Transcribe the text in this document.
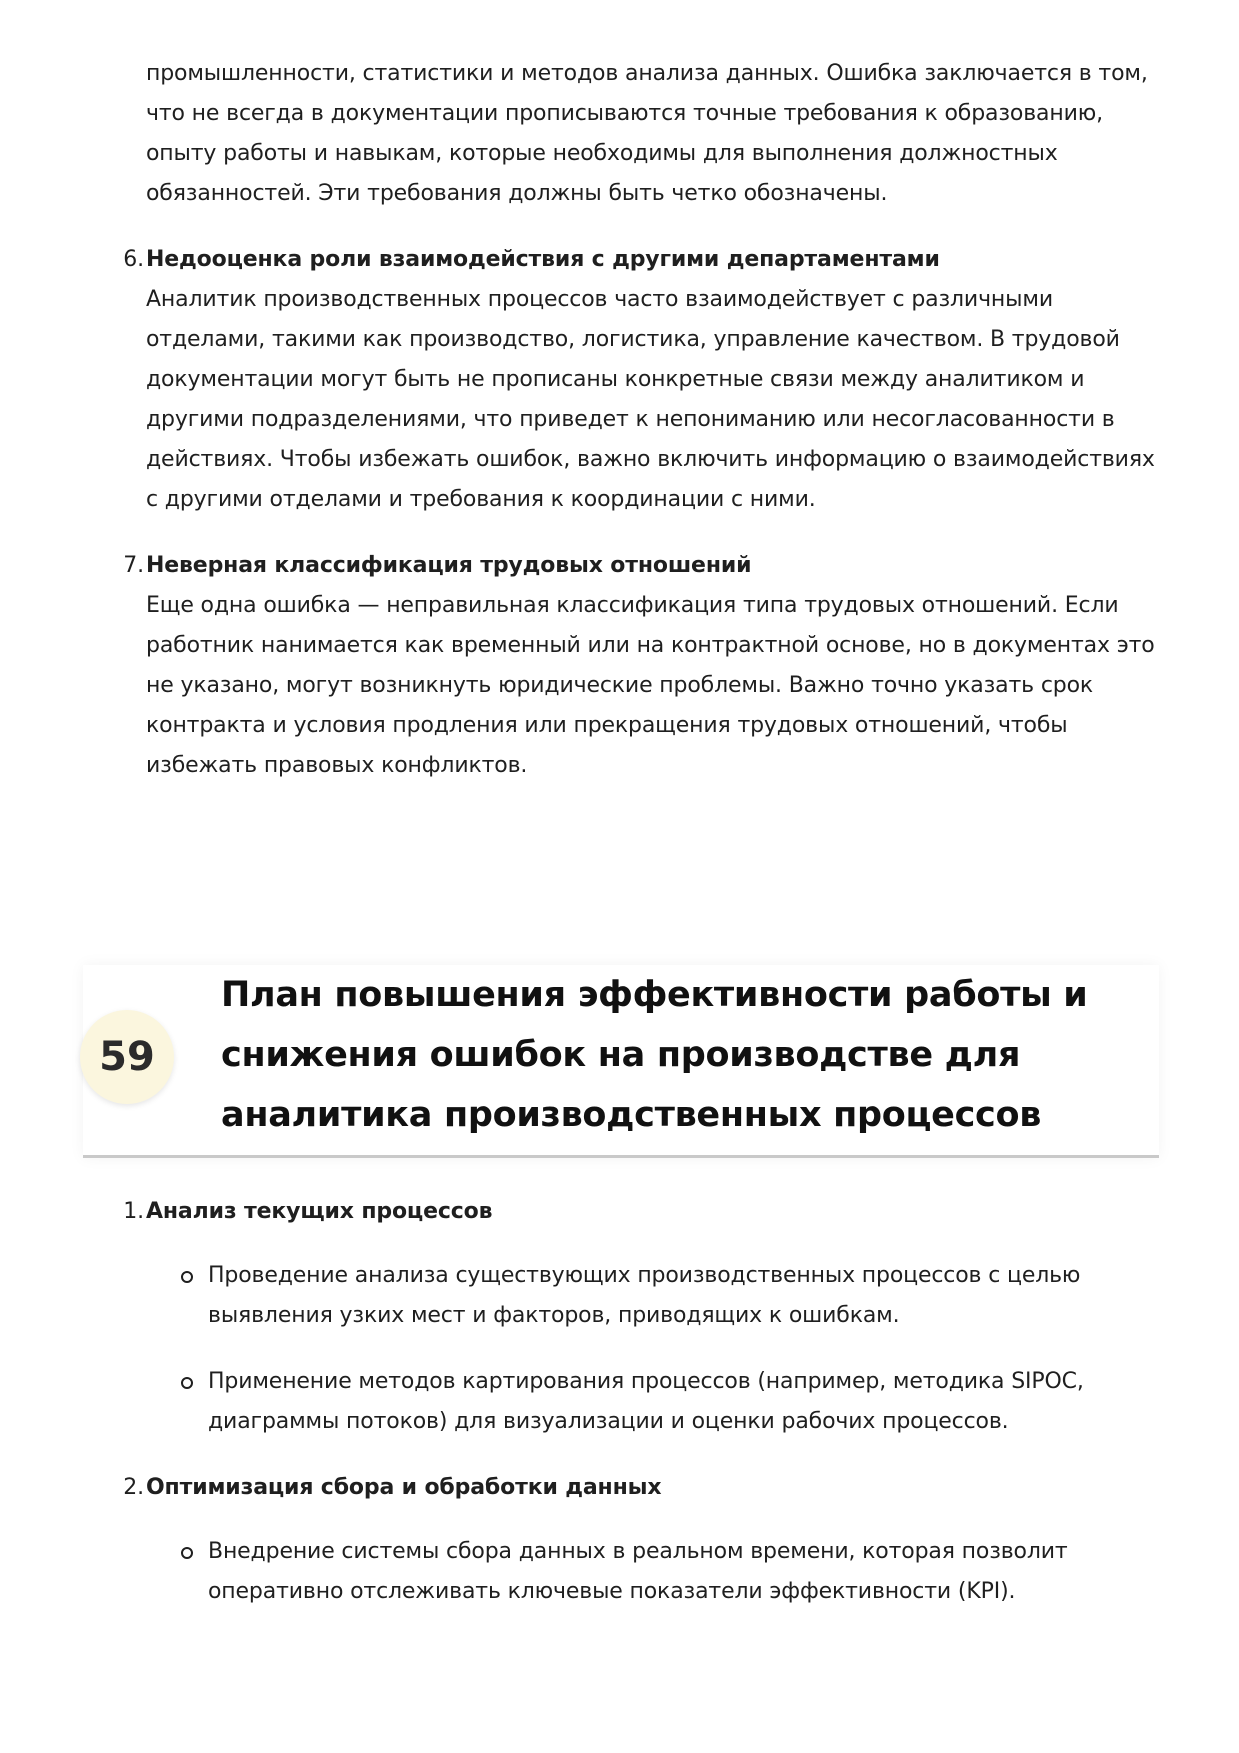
промышленности, статистики и методов анализа данных. Ошибка заключается в том, что не всегда в документации прописываются точные требования к образованию, опыту работы и навыкам, которые необходимы для выполнения должностных обязанностей. Эти требования должны быть четко обозначены.

6. Недооценка роли взаимодействия с другими департаментами
Аналитик производственных процессов часто взаимодействует с различными отделами, такими как производство, логистика, управление качеством. В трудовой документации могут быть не прописаны конкретные связи между аналитиком и другими подразделениями, что приведет к непониманию или несогласованности в действиях. Чтобы избежать ошибок, важно включить информацию о взаимодействиях с другими отделами и требования к координации с ними.
7. Неверная классификация трудовых отношений
Еще одна ошибка — неправильная классификация типа трудовых отношений. Если работник нанимается как временный или на контрактной основе, но в документах это не указано, могут возникнуть юридические проблемы. Важно точно указать срок контракта и условия продления или прекращения трудовых отношений, чтобы избежать правовых конфликтов.
59
План повышения эффективности работы и снижения ошибок на производстве для аналитика производственных процессов
1. Анализ текущих процессов
Проведение анализа существующих производственных процессов с целью выявления узких мест и факторов, приводящих к ошибкам.
Применение методов картирования процессов (например, методика SIPOC, диаграммы потоков) для визуализации и оценки рабочих процессов.
2. Оптимизация сбора и обработки данных
Внедрение системы сбора данных в реальном времени, которая позволит оперативно отслеживать ключевые показатели эффективности (KPI).
